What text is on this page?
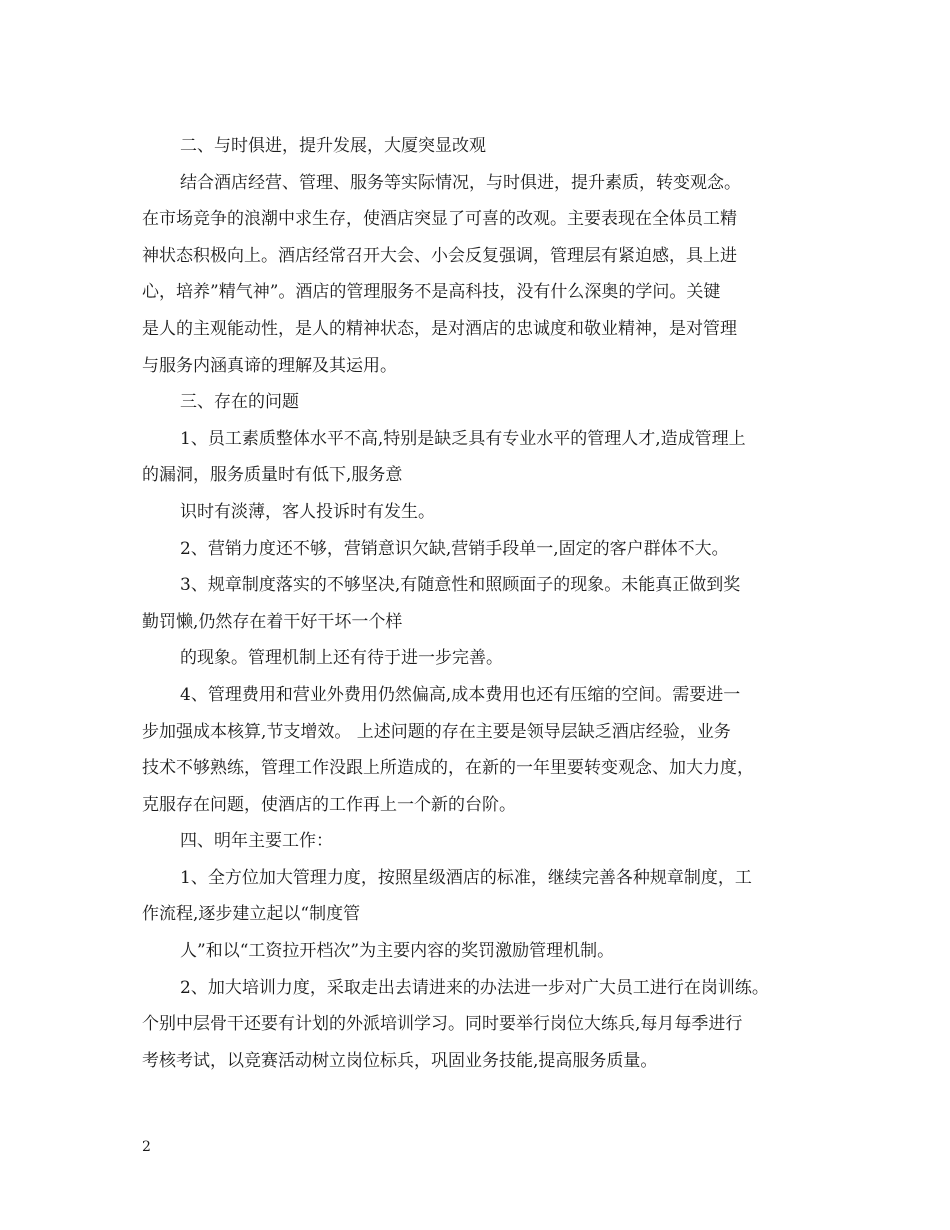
二、与时俱进，提升发展，大厦突显改观
结合酒店经营、管理、服务等实际情况，与时俱进，提升素质，转变观念。
在市场竞争的浪潮中求生存，使酒店突显了可喜的改观。主要表现在全体员工精
神状态积极向上。酒店经常召开大会、小会反复强调，管理层有紧迫感，具上进
心，培养”精气神”。酒店的管理服务不是高科技，没有什么深奥的学问。关键
是人的主观能动性，是人的精神状态，是对酒店的忠诚度和敬业精神，是对管理
与服务内涵真谛的理解及其运用。
三、存在的问题
1、员工素质整体水平不高,特别是缺乏具有专业水平的管理人才,造成管理上
的漏洞，服务质量时有低下,服务意
识时有淡薄，客人投诉时有发生。
2、营销力度还不够，营销意识欠缺,营销手段单一,固定的客户群体不大。
3、规章制度落实的不够坚决,有随意性和照顾面子的现象。未能真正做到奖
勤罚懒,仍然存在着干好干坏一个样
的现象。管理机制上还有待于进一步完善。
4、管理费用和营业外费用仍然偏高,成本费用也还有压缩的空间。需要进一
步加强成本核算,节支增效。 上述问题的存在主要是领导层缺乏酒店经验，业务
技术不够熟练，管理工作没跟上所造成的，在新的一年里要转变观念、加大力度，
克服存在问题，使酒店的工作再上一个新的台阶。
四、明年主要工作：
1、全方位加大管理力度，按照星级酒店的标准，继续完善各种规章制度，工
作流程,逐步建立起以“制度管
人”和以“工资拉开档次”为主要内容的奖罚激励管理机制。
2、加大培训力度，采取走出去请进来的办法进一步对广大员工进行在岗训练。
个别中层骨干还要有计划的外派培训学习。同时要举行岗位大练兵,每月每季进行
考核考试，以竞赛活动树立岗位标兵，巩固业务技能,提高服务质量。
2
